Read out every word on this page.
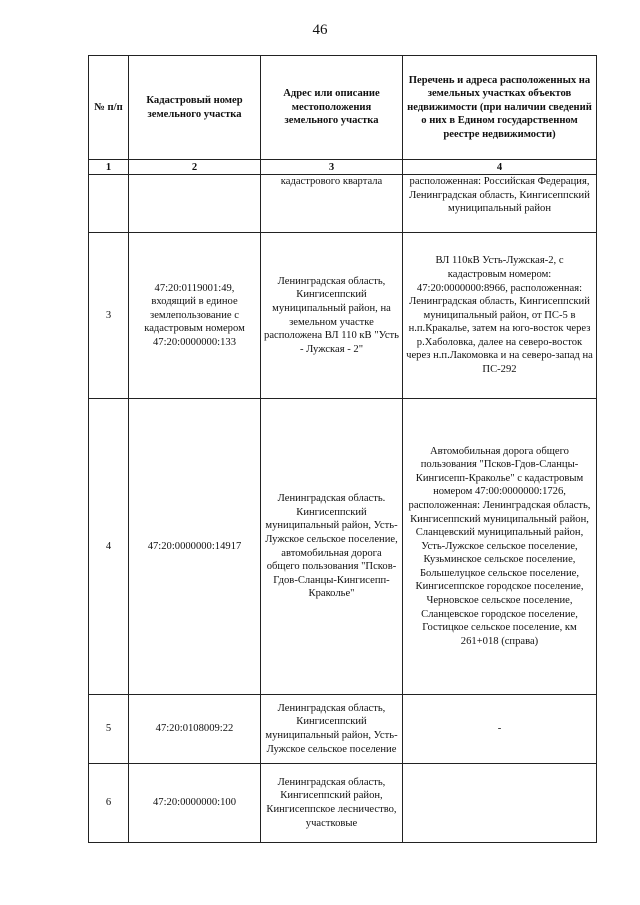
46
№ п/п	Кадастровый номер земельного участка	Адрес или описание местоположения земельного участка	Перечень и адреса расположенных на земельных участках объектов недвижимости (при наличии сведений о них в Едином государственном реестре недвижимости)
1	2	3	4
		кадастрового квартала	расположенная: Российская Федерация, Ленинградская область, Кингисеппский муниципальный район
3	47:20:0119001:49, входящий в единое землепользование с кадастровым номером 47:20:0000000:133	Ленинградская область, Кингисеппский муниципальный район, на земельном участке расположена ВЛ 110 кВ "Усть - Лужская - 2"	ВЛ 110кВ Усть-Лужская-2, с кадастровым номером: 47:20:0000000:8966, расположенная: Ленинградская область, Кингисеппский муниципальный район, от ПС-5 в н.п.Кракалье, затем на юго-восток через р.Хаболовка, далее на северо-восток через н.п.Лакомовка и на северо-запад на ПС-292
4	47:20:0000000:14917	Ленинградская область. Кингисеппский муниципальный район, Усть-Лужское сельское поселение, автомобильная дорога общего пользования "Псков-Гдов-Сланцы-Кингисепп-Краколье"	Автомобильная дорога общего пользования "Псков-Гдов-Сланцы-Кингисепп-Краколье" с кадастровым номером 47:00:0000000:1726, расположенная: Ленинградская область, Кингисеппский муниципальный район, Сланцевский муниципальный район, Усть-Лужское сельское поселение, Кузьминское сельское поселение, Большелуцкое сельское поселение, Кингисеппское городское поселение, Черновское сельское поселение, Сланцевское городское поселение, Гостицкое сельское поселение, км 261+018 (справа)
5	47:20:0108009:22	Ленинградская область, Кингисеппский муниципальный район, Усть-Лужское сельское поселение	-
6	47:20:0000000:100	Ленинградская область, Кингисеппский район, Кингисеппское лесничество, участковые	
